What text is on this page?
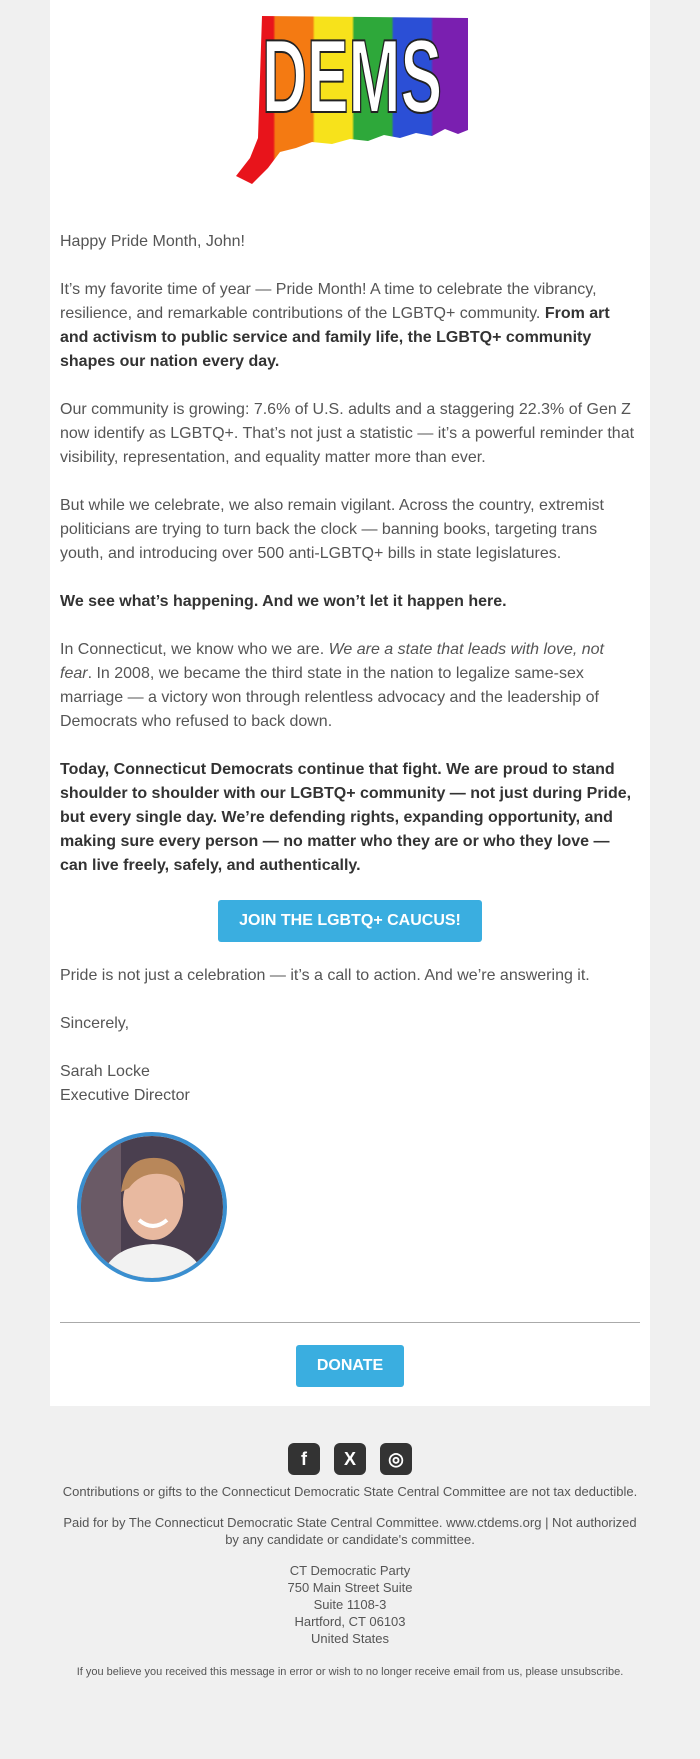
DEMS

Happy Pride Month, John!

It’s my favorite time of year — Pride Month! A time to celebrate the vibrancy, resilience, and remarkable contributions of the LGBTQ+ community. From art and activism to public service and family life, the LGBTQ+ community shapes our nation every day.

Our community is growing: 7.6% of U.S. adults and a staggering 22.3% of Gen Z now identify as LGBTQ+. That’s not just a statistic — it’s a powerful reminder that visibility, representation, and equality matter more than ever.

But while we celebrate, we also remain vigilant. Across the country, extremist politicians are trying to turn back the clock — banning books, targeting trans youth, and introducing over 500 anti-LGBTQ+ bills in state legislatures.

We see what’s happening. And we won’t let it happen here.

In Connecticut, we know who we are. We are a state that leads with love, not fear. In 2008, we became the third state in the nation to legalize same-sex marriage — a victory won through relentless advocacy and the leadership of Democrats who refused to back down.

Today, Connecticut Democrats continue that fight. We are proud to stand shoulder to shoulder with our LGBTQ+ community — not just during Pride, but every single day. We’re defending rights, expanding opportunity, and making sure every person — no matter who they are or who they love — can live freely, safely, and authentically.

JOIN THE LGBTQ+ CAUCUS!

Pride is not just a celebration — it’s a call to action. And we’re answering it.

Sincerely,

Sarah Locke

Executive Director

DONATE
f	X	◎

Contributions or gifts to the Connecticut Democratic State Central Committee are not tax deductible.

Paid for by The Connecticut Democratic State Central Committee. www.ctdems.org | Not authorized by any candidate or candidate's committee.

CT Democratic Party
750 Main Street Suite
Suite 1108-3
Hartford, CT 06103
United States

If you believe you received this message in error or wish to no longer receive email from us, please unsubscribe.
